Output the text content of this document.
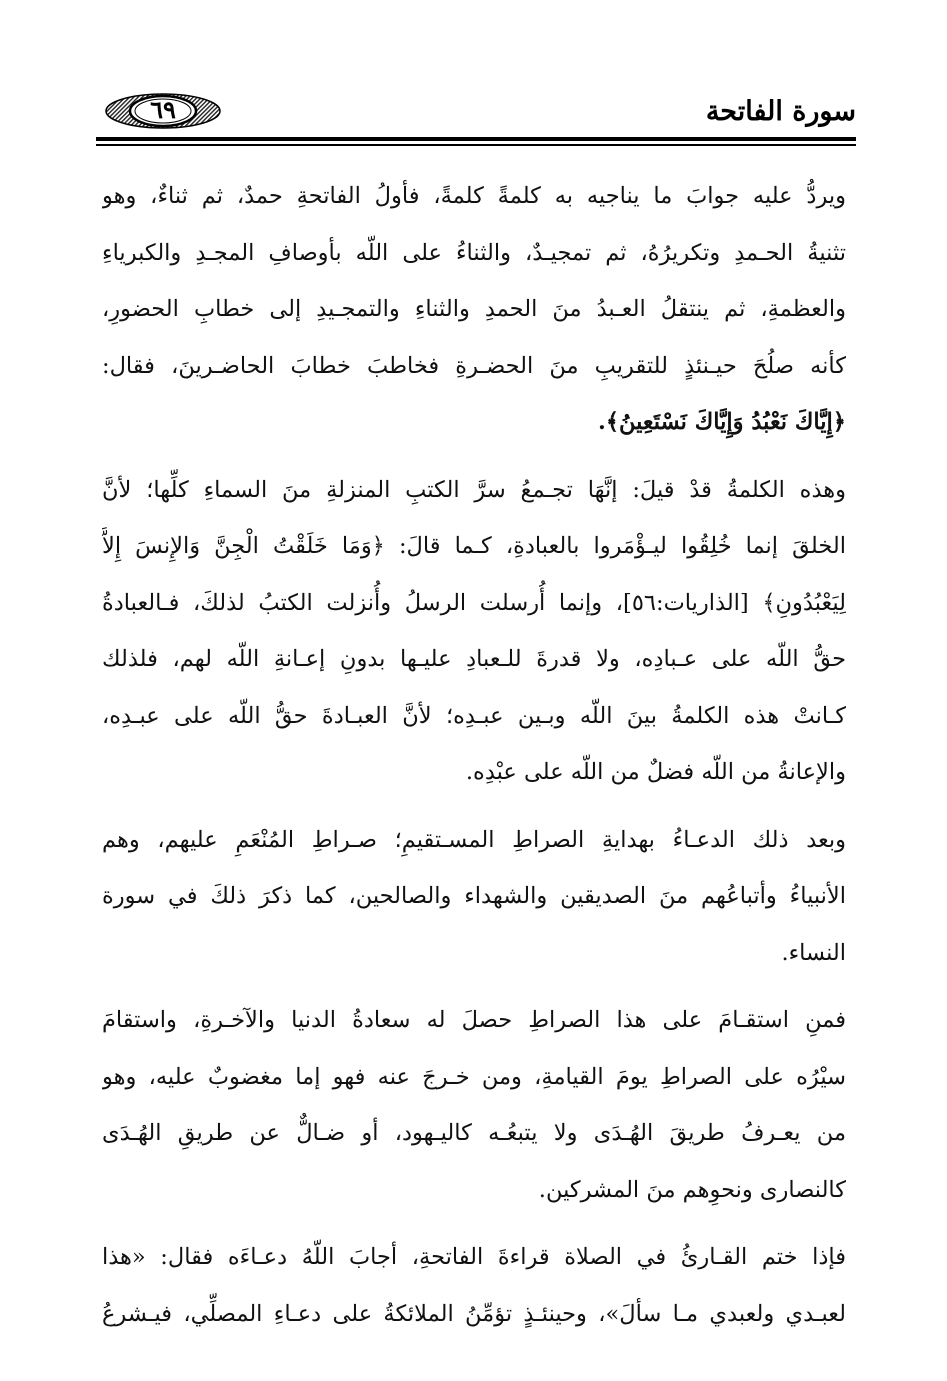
سورة الفاتحة
٦٩
ويردُّ عليه جوابَ ما يناجيه به كلمةً كلمةً، فأولُ الفاتحةِ حمدٌ، ثم ثناءٌ، وهو
تثنيةُ الحـمدِ وتكريرُهُ، ثم تمجيـدٌ، والثناءُ على اللّه بأوصافِ المجـدِ والكبرياءِ
والعظمةِ، ثم ينتقلُ العـبدُ منَ الحمدِ والثناءِ والتمجـيدِ إلى خطابِ الحضورِ،
كأنه صلُحَ حيـنئذٍ للتقريبِ منَ الحضـرةِ فخاطبَ خطابَ الحاضـرينَ، فقال:
﴿إِيَّاكَ نَعْبُدُ وَإِيَّاكَ نَسْتَعِينُ﴾.
وهذه الكلمةُ قدْ قيلَ: إنَّهَا تجـمعُ سرَّ الكتبِ المنزلةِ منَ السماءِ كلِّها؛ لأنَّ
الخلقَ إنما خُلِقُوا ليـؤْمَروا بالعبادةِ، كـما قالَ: ﴿وَمَا خَلَقْتُ الْجِنَّ وَالإِنسَ إِلاَّ
لِيَعْبُدُونِ﴾ [الذاريات:٥٦]، وإنما أُرسلت الرسلُ وأُنزلت الكتبُ لذلكَ، فـالعبادةُ
حقُّ اللّه على عـبادِه، ولا قدرةَ للـعبادِ عليـها بدونِ إعـانةِ اللّه لهم، فلذلك
كـانتْ هذه الكلمةُ بينَ اللّه وبـين عبـدِه؛ لأنَّ العبـادةَ حقُّ اللّه على عبـدِه،
والإعانةُ من اللّه فضلٌ من اللّه على عبْدِه.
وبعد ذلك الدعـاءُ بهدايةِ الصراطِ المسـتقيمِ؛ صـراطِ المُنْعَمِ عليهم، وهم
الأنبياءُ وأتباعُهم منَ الصديقين والشهداء والصالحين، كما ذكرَ ذلكَ في سورة
النساء.
فمنِ استقـامَ على هذا الصراطِ حصلَ له سعادةُ الدنيا والآخـرةِ، واستقامَ
سيْرُه على الصراطِ يومَ القيامةِ، ومن خـرجَ عنه فهو إما مغضوبٌ عليه، وهو
من يعـرفُ طريقَ الهُـدَى ولا يتبعُـه كاليـهود، أو ضـالٌّ عن طريقِ الهُـدَى
كالنصارى ونحوِهم منَ المشركين.
فإذا ختم القـارئُ في الصلاة قراءةَ الفاتحةِ، أجابَ اللّهُ دعـاءَه فقال: «هذا
لعبـدي ولعبدي مـا سألَ»، وحينئـذٍ تؤمِّنُ الملائكةُ على دعـاءِ المصلِّي، فيـشرعُ
